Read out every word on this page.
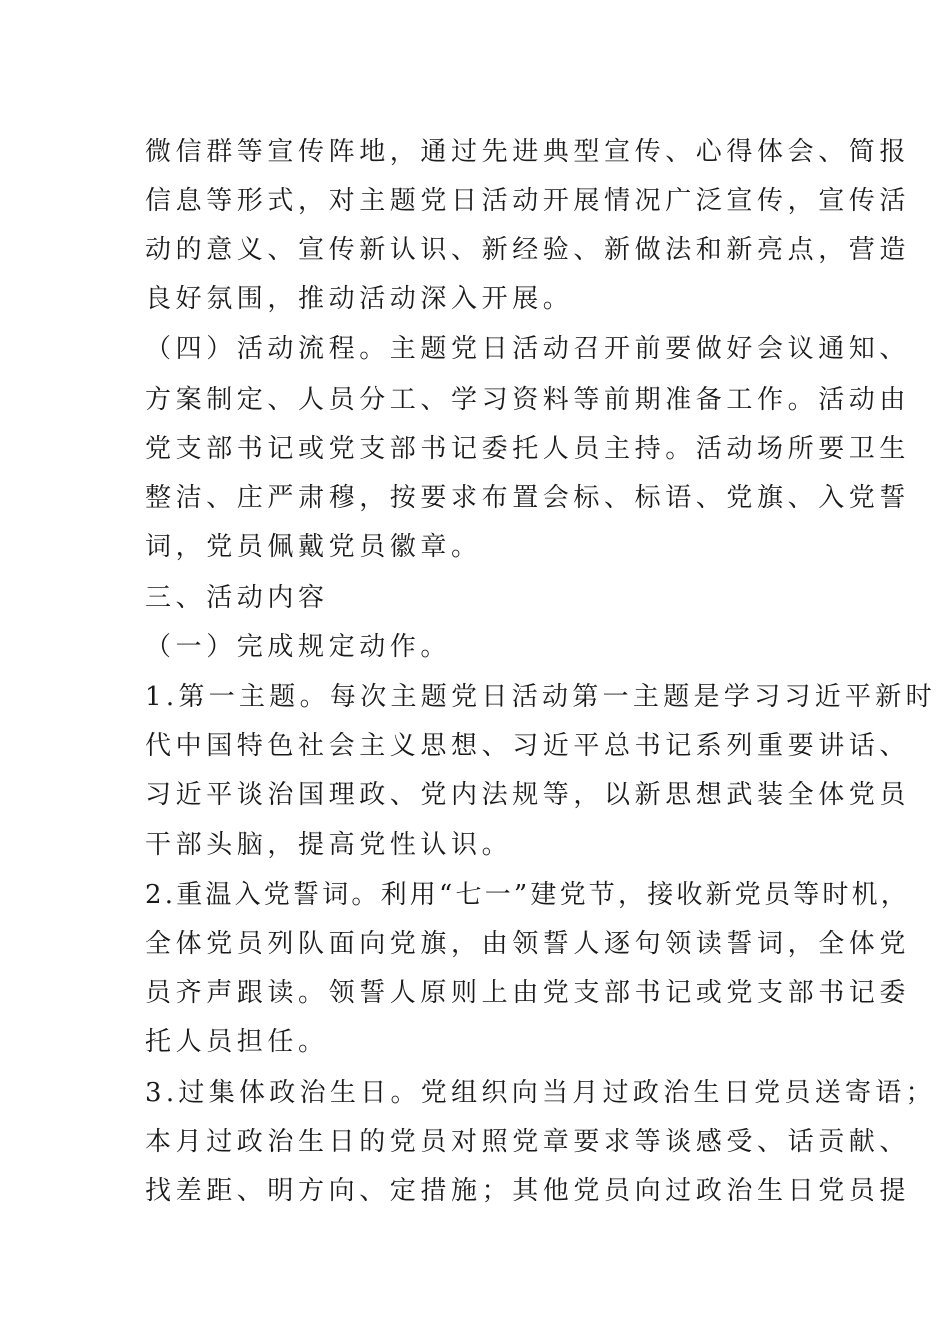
微信群等宣传阵地，通过先进典型宣传、心得体会、简报
信息等形式，对主题党日活动开展情况广泛宣传，宣传活
动的意义、宣传新认识、新经验、新做法和新亮点，营造
良好氛围，推动活动深入开展。
（四）活动流程。主题党日活动召开前要做好会议通知、
方案制定、人员分工、学习资料等前期准备工作。活动由
党支部书记或党支部书记委托人员主持。活动场所要卫生
整洁、庄严肃穆，按要求布置会标、标语、党旗、入党誓
词，党员佩戴党员徽章。
三、活动内容
（一）完成规定动作。
1.第一主题。每次主题党日活动第一主题是学习习近平新时
代中国特色社会主义思想、习近平总书记系列重要讲话、
习近平谈治国理政、党内法规等，以新思想武装全体党员
干部头脑，提高党性认识。
2.重温入党誓词。利用“七一”建党节，接收新党员等时机，
全体党员列队面向党旗，由领誓人逐句领读誓词，全体党
员齐声跟读。领誓人原则上由党支部书记或党支部书记委
托人员担任。
3.过集体政治生日。党组织向当月过政治生日党员送寄语；
本月过政治生日的党员对照党章要求等谈感受、话贡献、
找差距、明方向、定措施；其他党员向过政治生日党员提
